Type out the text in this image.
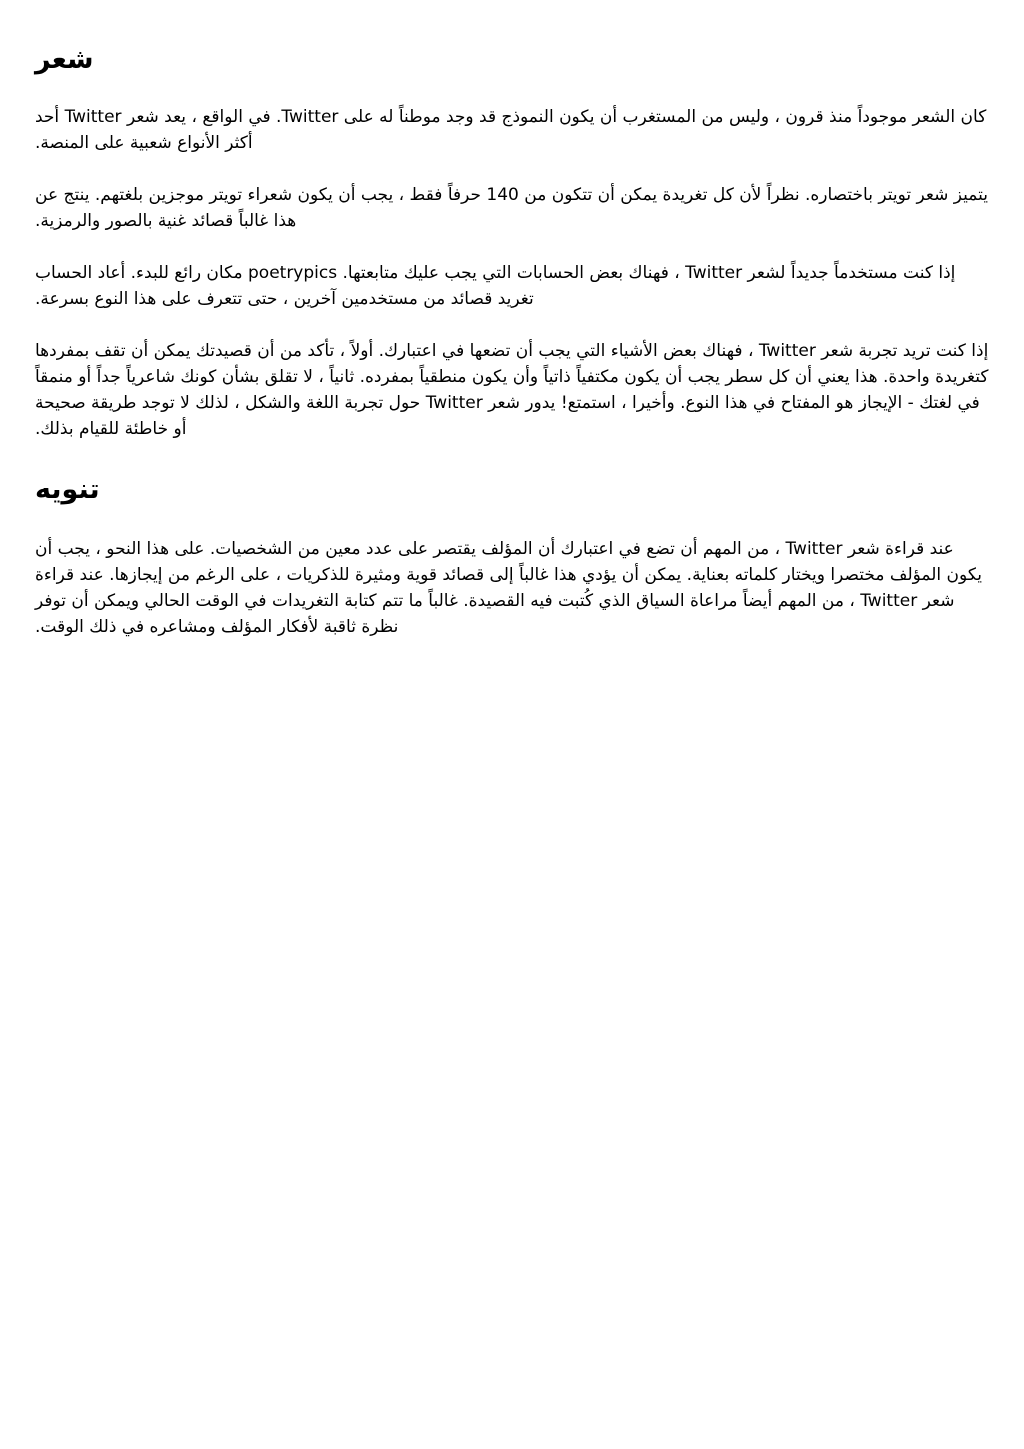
شعر

كان الشعر موجوداً منذ قرون ، وليس من المستغرب أن يكون النموذج قد وجد موطناً له على Twitter. في الواقع ، يعد شعر Twitter أحد أكثر الأنواع شعبية على المنصة.

يتميز شعر تويتر باختصاره. نظراً لأن كل تغريدة يمكن أن تتكون من 140 حرفاً فقط ، يجب أن يكون شعراء تويتر موجزين بلغتهم. ينتج عن هذا غالباً قصائد غنية بالصور والرمزية.

إذا كنت مستخدماً جديداً لشعر Twitter ، فهناك بعض الحسابات التي يجب عليك متابعتها. poetrypics مكان رائع للبدء. أعاد الحساب تغريد قصائد من مستخدمين آخرين ، حتى تتعرف على هذا النوع بسرعة.

إذا كنت تريد تجربة شعر Twitter ، فهناك بعض الأشياء التي يجب أن تضعها في اعتبارك. أولاً ، تأكد من أن قصيدتك يمكن أن تقف بمفردها كتغريدة واحدة. هذا يعني أن كل سطر يجب أن يكون مكتفياً ذاتياً وأن يكون منطقياً بمفرده. ثانياً ، لا تقلق بشأن كونك شاعرياً جداً أو منمقاً في لغتك - الإيجاز هو المفتاح في هذا النوع. وأخيرا ، استمتع! يدور شعر Twitter حول تجربة اللغة والشكل ، لذلك لا توجد طريقة صحيحة أو خاطئة للقيام بذلك.

تنويه

عند قراءة شعر Twitter ، من المهم أن تضع في اعتبارك أن المؤلف يقتصر على عدد معين من الشخصيات. على هذا النحو ، يجب أن يكون المؤلف مختصرا ويختار كلماته بعناية. يمكن أن يؤدي هذا غالباً إلى قصائد قوية ومثيرة للذكريات ، على الرغم من إيجازها. عند قراءة شعر Twitter ، من المهم أيضاً مراعاة السياق الذي كُتبت فيه القصيدة. غالباً ما تتم كتابة التغريدات في الوقت الحالي ويمكن أن توفر نظرة ثاقبة لأفكار المؤلف ومشاعره في ذلك الوقت.
